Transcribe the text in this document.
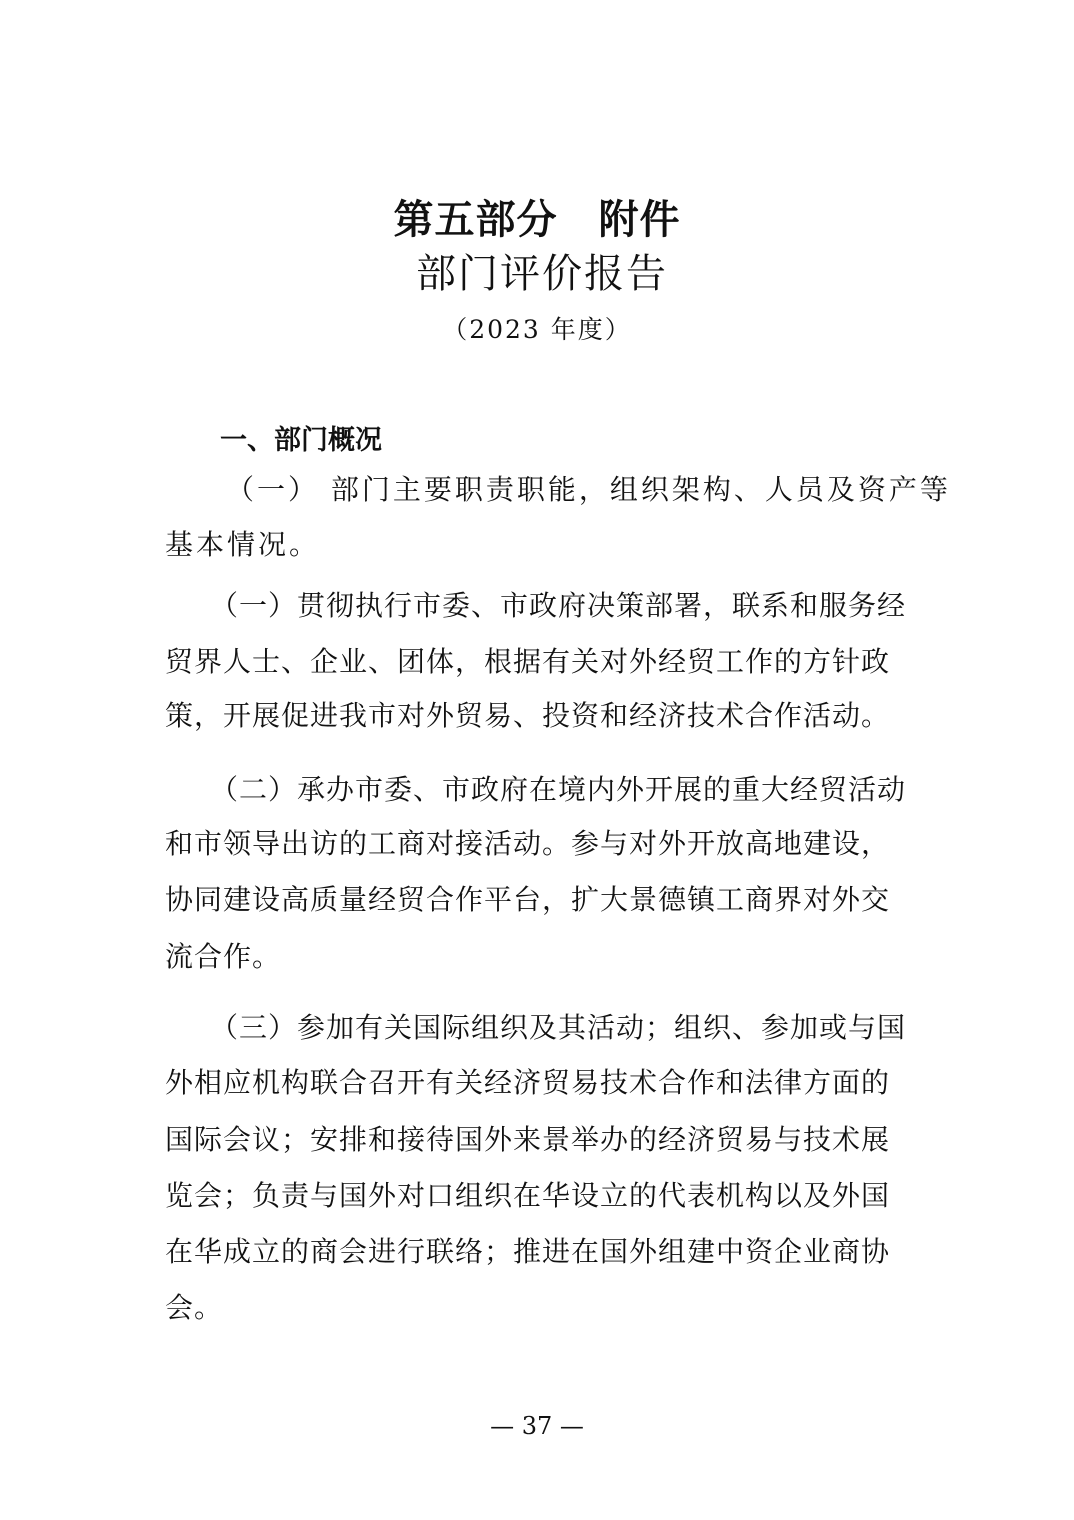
第五部分　附件
部门评价报告
（2023 年度）
一、部门概况
（一） 部门主要职责职能，组织架构、人员及资产等
基本情况。
（一）贯彻执行市委、市政府决策部署，联系和服务经
贸界人士、企业、团体，根据有关对外经贸工作的方针政
策，开展促进我市对外贸易、投资和经济技术合作活动。
（二）承办市委、市政府在境内外开展的重大经贸活动
和市领导出访的工商对接活动。参与对外开放高地建设，
协同建设高质量经贸合作平台，扩大景德镇工商界对外交
流合作。
（三）参加有关国际组织及其活动；组织、参加或与国
外相应机构联合召开有关经济贸易技术合作和法律方面的
国际会议；安排和接待国外来景举办的经济贸易与技术展
览会；负责与国外对口组织在华设立的代表机构以及外国
在华成立的商会进行联络；推进在国外组建中资企业商协
会。
— 37 —
